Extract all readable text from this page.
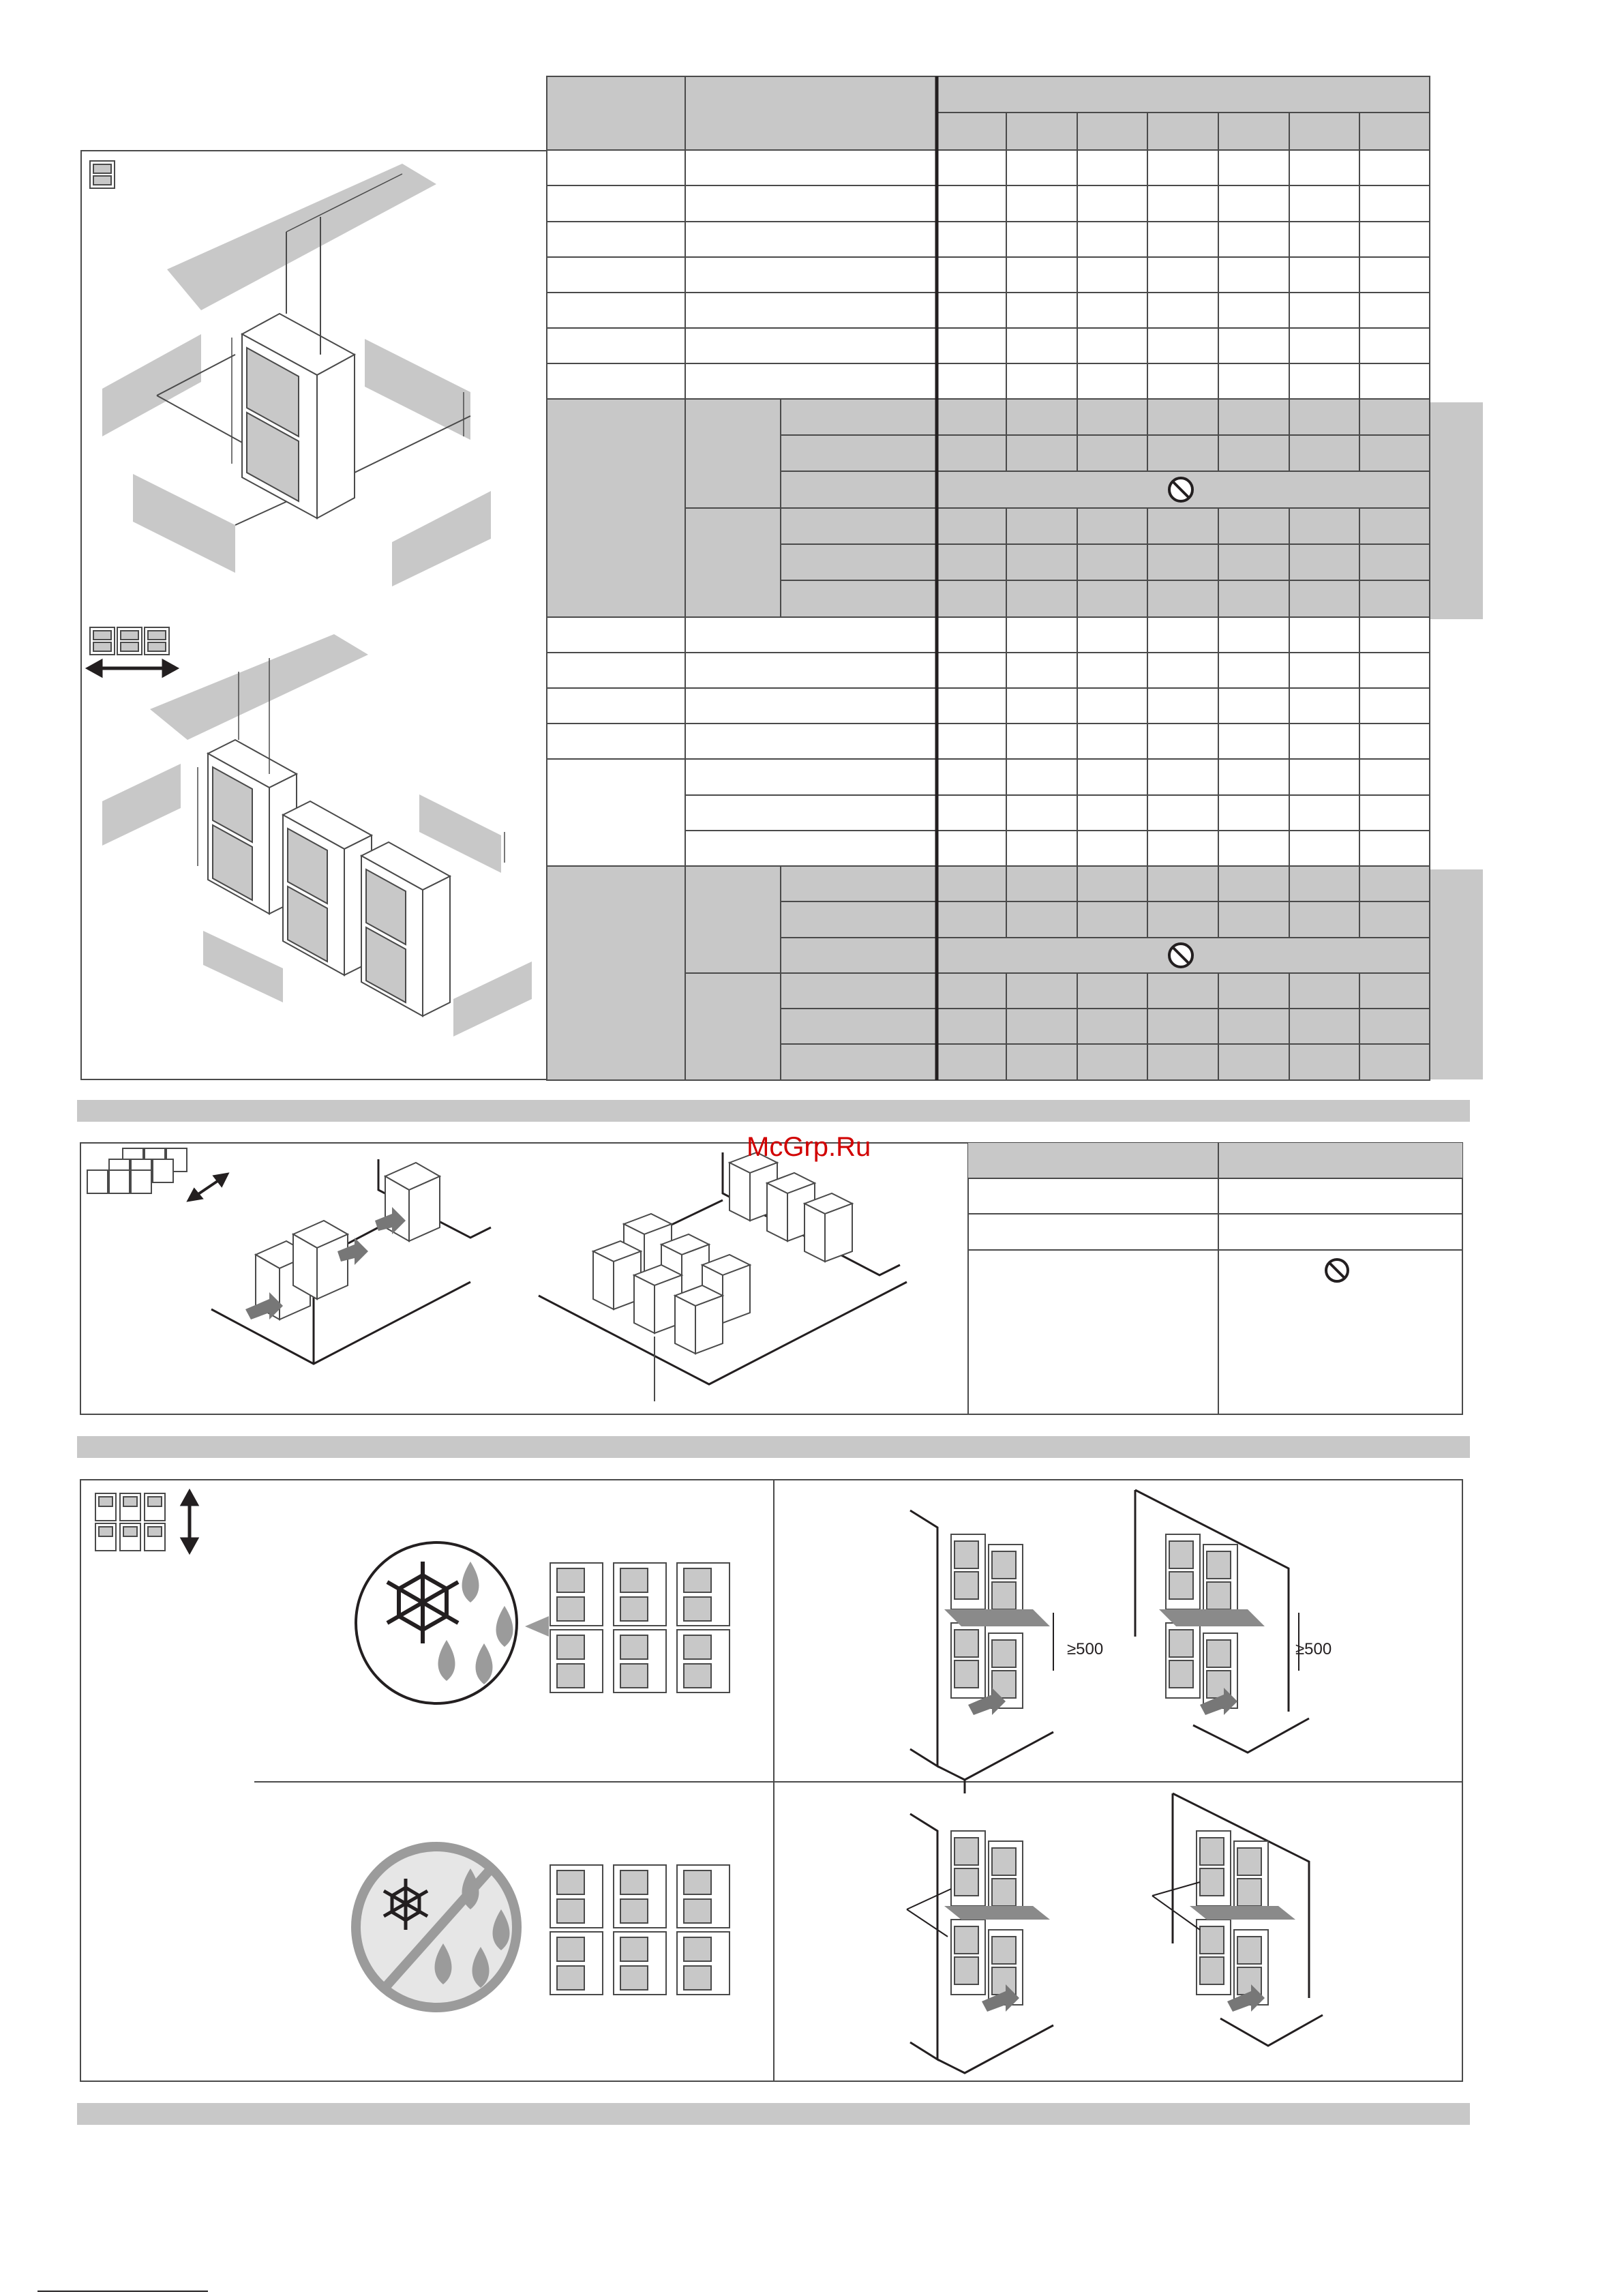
McGrp.Ru
≥500	≥500
